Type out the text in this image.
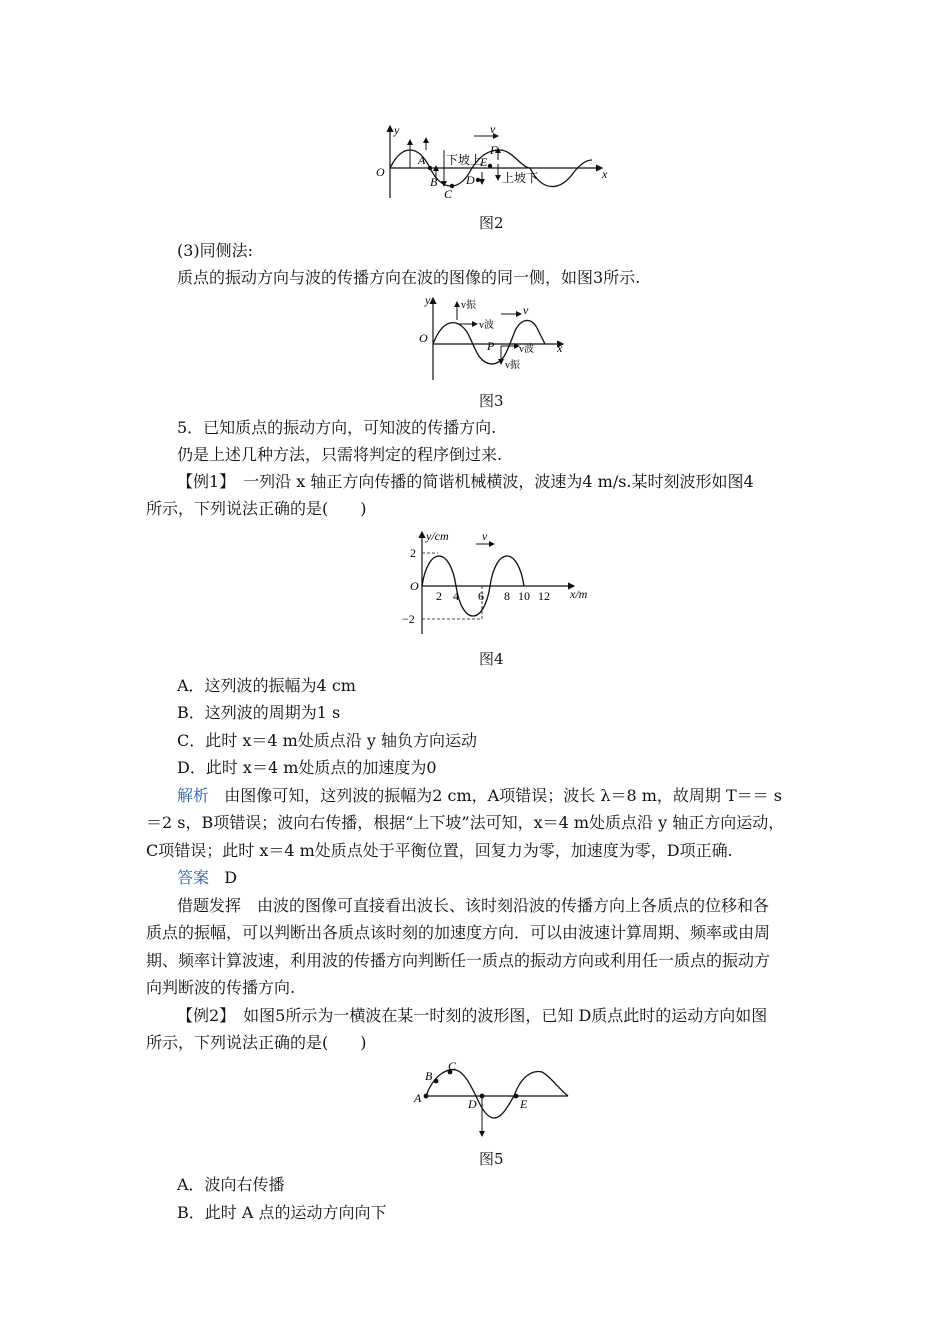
y
O	x
v
A
B
C
D
E
F
下坡上
上坡下
图2
(3)同侧法:
质点的振动方向与波的传播方向在波的图像的同一侧，如图3所示.
y
O
x
v
v振
v波
P v波
v振
图3
5．已知质点的振动方向，可知波的传播方向.
仍是上述几种方法，只需将判定的程序倒过来.
【例1】　一列沿 x 轴正方向传播的简谐机械横波，波速为4 m/s.某时刻波形如图4
所示，下列说法正确的是(　　)
y/cm
x/m
v
2
O
−2
2 4 6 8 10 12
图4
A．这列波的振幅为4 cm
B．这列波的周期为1 s
C．此时 x＝4 m处质点沿 y 轴负方向运动
D．此时 x＝4 m处质点的加速度为0
解析 由图像可知，这列波的振幅为2 cm，A项错误；波长 λ＝8 m，故周期 T＝＝ s
＝2 s，B项错误；波向右传播，根据“上下坡”法可知，x＝4 m处质点沿 y 轴正方向运动，
C项错误；此时 x＝4 m处质点处于平衡位置，回复力为零，加速度为零，D项正确.
答案 D
借题发挥　由波的图像可直接看出波长、该时刻沿波的传播方向上各质点的位移和各
质点的振幅，可以判断出各质点该时刻的加速度方向．可以由波速计算周期、频率或由周
期、频率计算波速，利用波的传播方向判断任一质点的振动方向或利用任一质点的振动方
向判断波的传播方向.
【例2】　如图5所示为一横波在某一时刻的波形图，已知 D质点此时的运动方向如图
所示，下列说法正确的是(　　)
A
B
C
D	E
图5
A．波向右传播
B．此时 A 点的运动方向向下
